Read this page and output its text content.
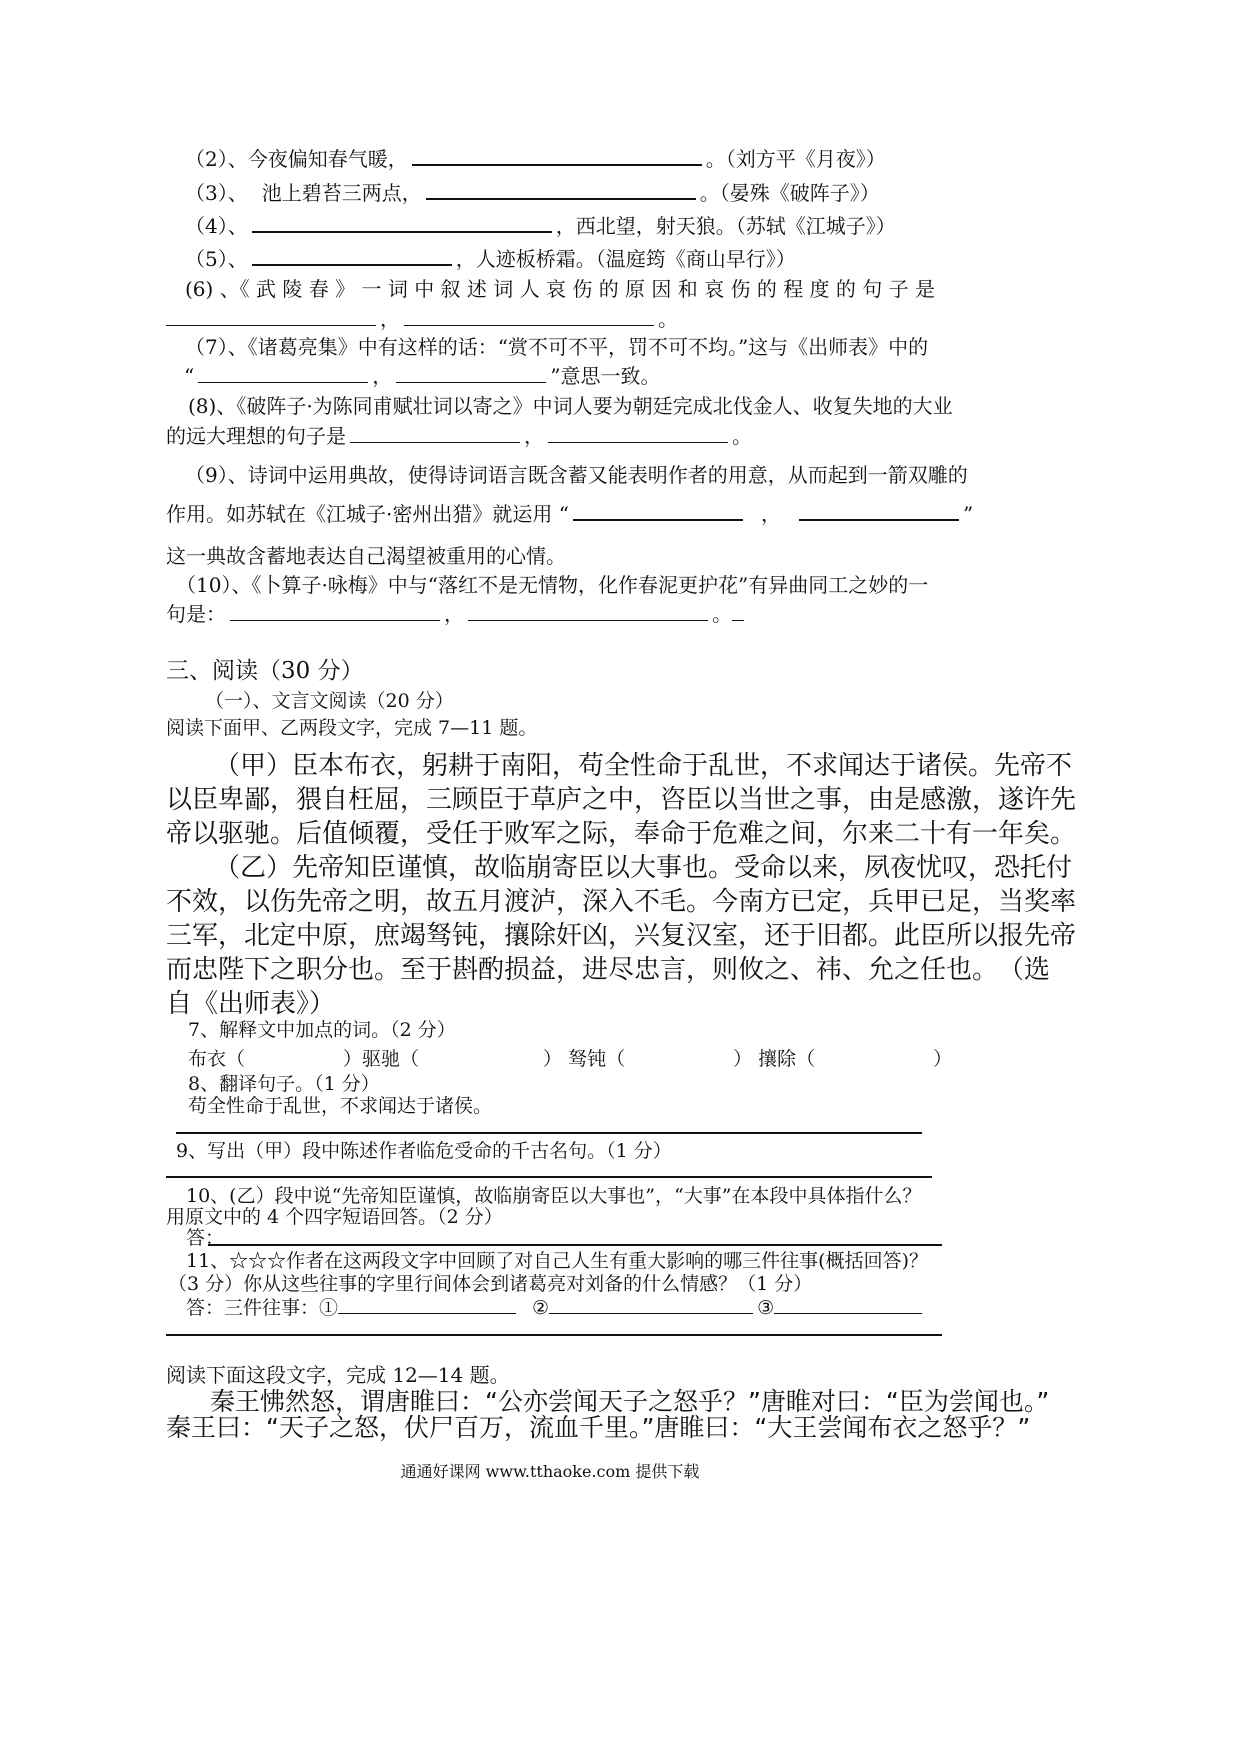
（2）、今夜偏知春气暖，	。（刘方平《月夜》）
（3）、 池上碧苔三两点，	。（晏殊《破阵子》）
（4）、	，西北望，射天狼。（苏轼《江城子》）
（5）、	，人迹板桥霜。（温庭筠《商山早行》）
(6) 、《 武 陵 春 》 一 词 中 叙 述 词 人 哀 伤 的 原 因 和 哀 伤 的 程 度 的 句 子 是
，	。
（7）、《诸葛亮集》中有这样的话：“赏不可不平，罚不可不均。”这与《出师表》中的
“	，	”意思一致。
(8)、《破阵子·为陈同甫赋壮词以寄之》中词人要为朝廷完成北伐金人、收复失地的大业
的远大理想的句子是	，	。
（9）、诗词中运用典故，使得诗词语言既含蓄又能表明作者的用意，从而起到一箭双雕的
作用。如苏轼在《江城子·密州出猎》就运用 “	，	”
这一典故含蓄地表达自己渴望被重用的心情。
（10）、《卜算子·咏梅》中与“落红不是无情物，化作春泥更护花”有异曲同工之妙的一
句是：	，	。
三、阅读（30 分）
（一）、文言文阅读（20 分）
阅读下面甲、乙两段文字，完成 7—11 题。
（甲）臣本布衣，躬耕于南阳，苟全性命于乱世，不求闻达于诸侯。先帝不
以臣卑鄙，猥自枉屈，三顾臣于草庐之中，咨臣以当世之事，由是感激，遂许先
帝以驱驰。后值倾覆，受任于败军之际，奉命于危难之间，尔来二十有一年矣。
（乙）先帝知臣谨慎，故临崩寄臣以大事也。受命以来，夙夜忧叹，恐托付
不效，以伤先帝之明，故五月渡泸，深入不毛。今南方已定，兵甲已足，当奖率
三军，北定中原，庶竭驽钝，攘除奸凶，兴复汉室，还于旧都。此臣所以报先帝
而忠陛下之职分也。至于斟酌损益，进尽忠言，则攸之、祎、允之任也。　（选
自《出师表》）
7、解释文中加点的词。（2 分）
布衣（	）驱驰（	） 驽钝（	） 攘除（	）
8、翻译句子。（1 分）
苟全性命于乱世，不求闻达于诸侯。
9、写出（甲）段中陈述作者临危受命的千古名句。（1 分）
10、(乙）段中说“先帝知臣谨慎，故临崩寄臣以大事也”，“大事”在本段中具体指什么？
用原文中的 4 个四字短语回答。（2 分）
答：
11、☆☆☆作者在这两段文字中回顾了对自己人生有重大影响的哪三件往事(概括回答)？
（3 分）你从这些往事的字里行间体会到诸葛亮对刘备的什么情感？（1 分）
答：三件往事：①	②	③
阅读下面这段文字，完成 12—14 题。
秦王怫然怒，谓唐睢曰：“公亦尝闻天子之怒乎？”唐睢对曰：“臣为尝闻也。”
秦王曰：“天子之怒，伏尸百万，流血千里。”唐睢曰：“大王尝闻布衣之怒乎？”
通通好课网 www.tthaoke.com 提供下载
